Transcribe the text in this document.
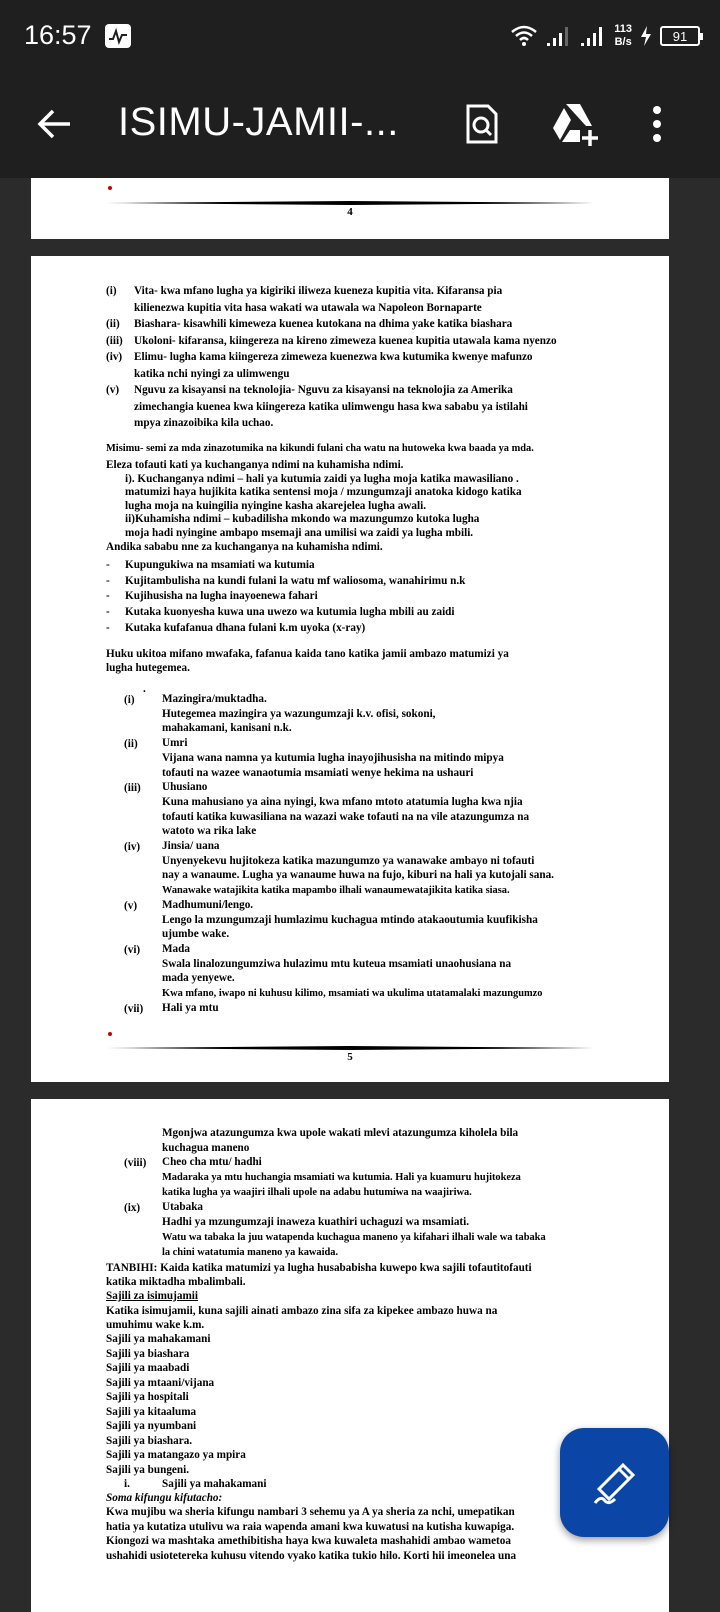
16:57	113
B/s	91
ISIMU-JAMII-...
4
(i) Vita- kwa mfano lugha ya kigiriki iliweza kueneza kupitia vita. Kifaransa pia
kilienezwa kupitia vita hasa wakati wa utawala wa Napoleon Bornaparte
(ii) Biashara- kisawhili kimeweza kuenea kutokana na dhima yake katika biashara
(iii) Ukoloni- kifaransa, kiingereza na kireno zimeweza kuenea kupitia utawala kama nyenzo
(iv) Elimu- lugha kama kiingereza zimeweza kuenezwa kwa kutumika kwenye mafunzo
katika nchi nyingi za ulimwengu
(v) Nguvu za kisayansi na teknolojia- Nguvu za kisayansi na teknolojia za Amerika
zimechangia kuenea kwa kiingereza katika ulimwengu hasa kwa sababu ya istilahi
mpya zinazoibika kila uchao.
Misimu- semi za mda zinazotumika na kikundi fulani cha watu na hutoweka kwa baada ya mda.
Eleza tofauti kati ya kuchanganya ndimi na kuhamisha ndimi.
i). Kuchanganya ndimi – hali ya kutumia zaidi ya lugha moja katika mawasiliano .
matumizi haya hujikita katika sentensi moja / mzungumzaji anatoka kidogo katika
lugha moja na kuingilia nyingine kasha akarejelea lugha awali.
ii)Kuhamisha ndimi – kubadilisha mkondo wa mazungumzo kutoka lugha
moja hadi nyingine ambapo msemaji ana umilisi wa zaidi ya lugha mbili.
Andika sababu nne za kuchanganya na kuhamisha ndimi.
- Kupungukiwa na msamiati wa kutumia
- Kujitambulisha na kundi fulani la watu mf waliosoma, wanahirimu n.k
- Kujihusisha na lugha inayoenewa fahari
- Kutaka kuonyesha kuwa una uwezo wa kutumia lugha mbili au zaidi
- Kutaka kufafanua dhana fulani k.m uyoka (x-ray)
Huku ukitoa mifano mwafaka, fafanua kaida tano katika jamii ambazo matumizi ya
lugha hutegemea.
.
(i) Mazingira/muktadha.
Hutegemea mazingira ya wazungumzaji k.v. ofisi, sokoni,
mahakamani, kanisani n.k.
(ii) Umri
Vijana wana namna ya kutumia lugha inayojihusisha na mitindo mipya
tofauti na wazee wanaotumia msamiati wenye hekima na ushauri
(iii) Uhusiano
Kuna mahusiano ya aina nyingi, kwa mfano mtoto atatumia lugha kwa njia
tofauti katika kuwasiliana na wazazi wake tofauti na na vile atazungumza na
watoto wa rika lake
(iv) Jinsia/ uana
Unyenyekevu hujitokeza katika mazungumzo ya wanawake ambayo ni tofauti
nay a wanaume. Lugha ya wanaume huwa na fujo, kiburi na hali ya kutojali sana.
Wanawake watajikita katika mapambo ilhali wanaumewatajikita katika siasa.
(v) Madhumuni/lengo.
Lengo la mzungumzaji humlazimu kuchagua mtindo atakaoutumia kuufikisha
ujumbe wake.
(vi) Mada
Swala linalozungumziwa hulazimu mtu kuteua msamiati unaohusiana na
mada yenyewe.
Kwa mfano, iwapo ni kuhusu kilimo, msamiati wa ukulima utatamalaki mazungumzo
(vii) Hali ya mtu
5
Mgonjwa atazungumza kwa upole wakati mlevi atazungumza kiholela bila
kuchagua maneno
(viii) Cheo cha mtu/ hadhi
Madaraka ya mtu huchangia msamiati wa kutumia. Hali ya kuamuru hujitokeza
katika lugha ya waajiri ilhali upole na adabu hutumiwa na waajiriwa.
(ix) Utabaka
Hadhi ya mzungumzaji inaweza kuathiri uchaguzi wa msamiati.
Watu wa tabaka la juu watapenda kuchagua maneno ya kifahari ilhali wale wa tabaka
la chini watatumia maneno ya kawaida.
TANBIHI: Kaida katika matumizi ya lugha husababisha kuwepo kwa sajili tofautitofauti
katika miktadha mbalimbali.
Sajili za isimujamii
Katika isimujamii, kuna sajili ainati ambazo zina sifa za kipekee ambazo huwa na
umuhimu wake k.m.
Sajili ya mahakamani
Sajili ya biashara
Sajili ya maabadi
Sajili ya mtaani/vijana
Sajili ya hospitali
Sajili ya kitaaluma
Sajili ya nyumbani
Sajili ya biashara.
Sajili ya matangazo ya mpira
Sajili ya bungeni.
i.	Sajili ya mahakamani
Soma kifungu kifutacho:
Kwa mujibu wa sheria kifungu nambari 3 sehemu ya A ya sheria za nchi, umepatikan
hatia ya kutatiza utulivu wa raia wapenda amani kwa kuwatusi na kutisha kuwapiga.
Kiongozi wa mashtaka amethibitisha haya kwa kuwaleta mashahidi ambao wametoa
ushahidi usiotetereka kuhusu vitendo vyako katika tukio hilo. Korti hii imeonelea una
